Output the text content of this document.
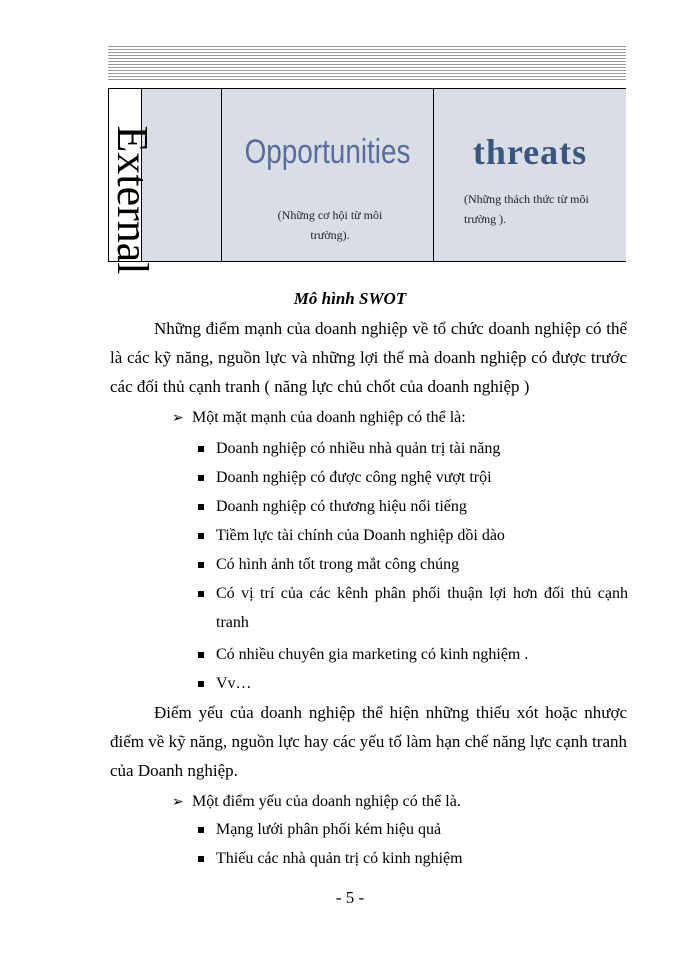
Opportunities
(Những cơ hội từ môi trường).
threats
(Những thách thức từ môi trường ).
External
Mô hình SWOT
Những điểm mạnh của doanh nghiệp về tổ chức doanh nghiệp có thể là các kỹ năng, nguồn lực và những lợi thế mà doanh nghiệp có được trước các đối thủ cạnh tranh ( năng lực chủ chốt của doanh nghiệp )
➢ Một mặt mạnh của doanh nghiệp có thể là:
Doanh nghiệp có nhiều nhà quản trị tài năng
Doanh nghiệp có được công nghệ vượt trội
Doanh nghiệp có thương hiệu nổi tiếng
Tiềm lực tài chính của Doanh nghiệp dồi dào
Có hình ảnh tốt trong mắt công chúng
Có vị trí của các kênh phân phối thuận lợi hơn đối thủ cạnh tranh
Có nhiều chuyên gia marketing có kinh nghiệm .
Vv…
Điểm yếu của doanh nghiệp thể hiện những thiếu xót hoặc nhược điểm về kỹ năng, nguồn lực hay các yếu tố làm hạn chế năng lực cạnh tranh của Doanh nghiệp.
➢ Một điểm yếu của doanh nghiệp có thể là.
Mạng lưới phân phối kém hiệu quả
Thiếu các nhà quản trị có kinh nghiệm
- 5 -
